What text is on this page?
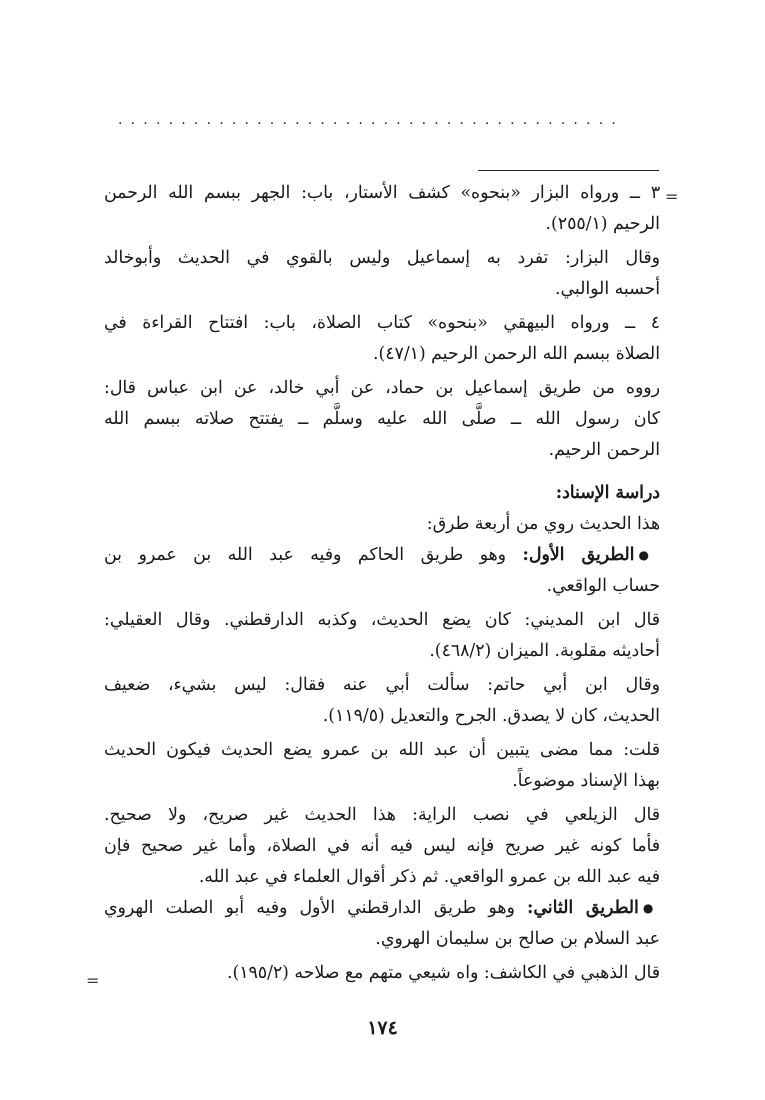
........................................
=
=
٣ ــ ورواه البزار «بنحوه» كشف الأستار، باب: الجهر ببسم الله الرحمن
الرحيم (٢٥٥/١).
وقال البزار: تفرد به إسماعيل وليس بالقوي في الحديث وأبوخالد
أحسبه الوالبي.
٤ ــ ورواه البيهقي «بنحوه» كتاب الصلاة، باب: افتتاح القراءة في
الصلاة ببسم الله الرحمن الرحيم (٤٧/١).
رووه من طريق إسماعيل بن حماد، عن أبي خالد، عن ابن عباس قال:
كان رسول الله ــ صلَّى الله عليه وسلَّم ــ يفتتح صلاته ببسم الله
الرحمن الرحيم.
دراسة الإسناد:
هذا الحديث روي من أربعة طرق:
●الطريق الأول: وهو طريق الحاكم وفيه عبد الله بن عمرو بن
حساب الواقعي.
قال ابن المديني: كان يضع الحديث، وكذبه الدارقطني. وقال العقيلي:
أحاديثه مقلوبة. الميزان (٤٦٨/٢).
وقال ابن أبي حاتم: سألت أبي عنه فقال: ليس بشيء، ضعيف
الحديث، كان لا يصدق. الجرح والتعديل (١١٩/٥).
قلت: مما مضى يتبين أن عبد الله بن عمرو يضع الحديث فيكون الحديث
بهذا الإسناد موضوعاً.
قال الزيلعي في نصب الراية: هذا الحديث غير صريح، ولا صحيح.
فأما كونه غير صريح فإنه ليس فيه أنه في الصلاة، وأما غير صحيح فإن
فيه عبد الله بن عمرو الواقعي. ثم ذكر أقوال العلماء في عبد الله.
●الطريق الثاني: وهو طريق الدارقطني الأول وفيه أبو الصلت الهروي
عبد السلام بن صالح بن سليمان الهروي.
قال الذهبي في الكاشف: واه شيعي متهم مع صلاحه (١٩٥/٢).
١٧٤
